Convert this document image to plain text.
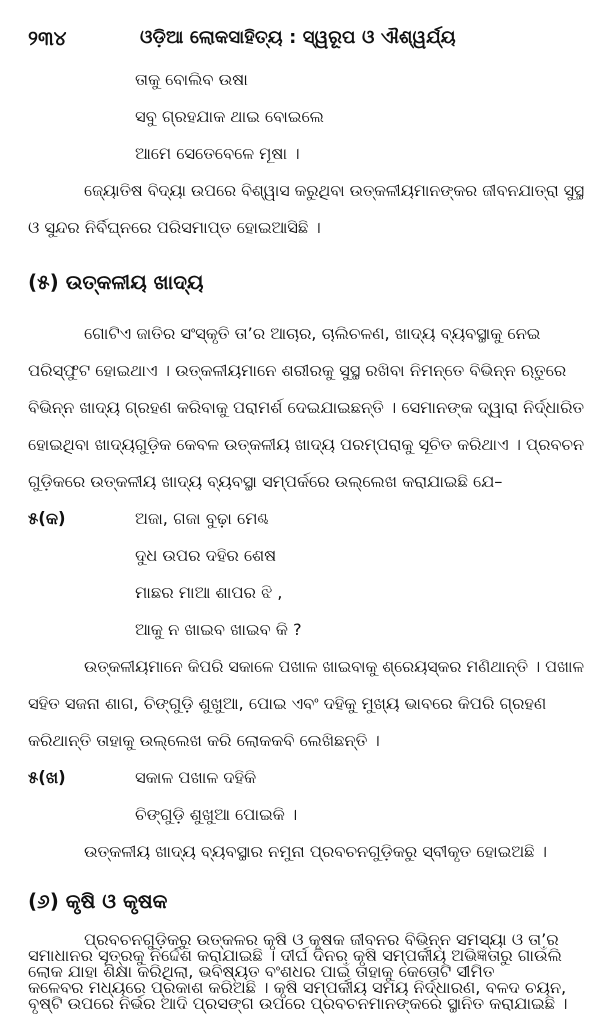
୨୩୪	ଓଡ଼ିଆ ଲୋକସାହିତ୍ୟ : ସ୍ୱରୂପ ଓ ଐଶ୍ୱର୍ଯ୍ୟ
ତାକୁ ବୋଲିବ ଉଷା
ସବୁ ଗ୍ରହଯାକ ଥାଇ ବୋଇଲେ
ଆମେ ସେତେବେଳେ ମୂଷା ।
ଜ୍ୟୋତିଷ ବିଦ୍ୟା ଉପରେ ବିଶ୍ୱାସ କରୁଥିବା ଉତ୍କଳୀୟମାନଙ୍କର ଜୀବନଯାତ୍ରା ସୁସ୍ଥ
ଓ ସୁନ୍ଦର ନିର୍ବିଘ୍ନରେ ପରିସମାପ୍ତ ହୋଇଆସିଛି ।
(୫) ଉତ୍କଳୀୟ ଖାଦ୍ୟ
ଗୋଟିଏ ଜାତିର ସଂସ୍କୃତି ତା’ର ଆଚାର, ଚାଲିଚଳଣ, ଖାଦ୍ୟ ବ୍ୟବସ୍ଥାକୁ ନେଇ
ପରିସ୍ଫୁଟ ହୋଇଥାଏ । ଉତ୍କଳୀୟମାନେ ଶରୀରକୁ ସୁସ୍ଥ ରଖିବା ନିମନ୍ତେ ବିଭିନ୍ନ ଋତୁରେ
ବିଭିନ୍ନ ଖାଦ୍ୟ ଗ୍ରହଣ କରିବାକୁ ପରାମର୍ଶ ଦେଇଯାଇଛନ୍ତି । ସେମାନଙ୍କ ଦ୍ୱାରା ନିର୍ଦ୍ଧାରିତ
ହୋଇଥିବା ଖାଦ୍ୟଗୁଡ଼ିକ କେବଳ ଉତ୍କଳୀୟ ଖାଦ୍ୟ ପରମ୍ପରାକୁ ସୂଚିତ କରିଥାଏ । ପ୍ରବଚନ
ଗୁଡ଼ିକରେ ଉତ୍କଳୀୟ ଖାଦ୍ୟ ବ୍ୟବସ୍ଥା ସମ୍ପର୍କରେ ଉଲ୍ଲେଖ କରାଯାଇଛି ଯେ–
୫(କ)	ଅଜା, ଗଜା ବୁଢ଼ା ମେଣ୍ଢ
ଦୁଧ ଉପର ଦହିର ଶେଷ
ମାଛର ମାଆ ଶାପର ଝି ,
ଆକୁ ନ ଖାଇବ ଖାଇବ କି ?
ଉତ୍କଳୀୟମାନେ କିପରି ସକାଳେ ପଖାଳ ଖାଇବାକୁ ଶ୍ରେୟସ୍କର ମଣିଥାନ୍ତି । ପଖାଳ
ସହିତ ସଜନା ଶାଗ, ଚିଙ୍ଗୁଡ଼ି ଶୁଖୁଆ, ପୋଇ ଏବଂ ଦହିକୁ ମୁଖ୍ୟ ଭାବରେ କିପରି ଗ୍ରହଣ
କରିଥାନ୍ତି ତାହାକୁ ଉଲ୍ଲେଖ କରି ଲୋକକବି ଲେଖିଛନ୍ତି ।
୫(ଖ)	ସକାଳ ପଖାଳ ଦହିକି
ଚିଙ୍ଗୁଡ଼ି ଶୁଖୁଆ ପୋଇକି ।
ଉତ୍କଳୀୟ ଖାଦ୍ୟ ବ୍ୟବସ୍ଥାର ନମୁନା ପ୍ରବଚନଗୁଡ଼ିକରୁ ସ୍ବୀକୃତ ହୋଇଅଛି ।
(୬) କୃଷି ଓ କୃଷକ
ପ୍ରବଚନଗୁଡ଼ିକରୁ ଉତ୍କଳର କୃଷି ଓ କୃଷକ ଜୀବନର ବିଭିନ୍ନ ସମସ୍ୟା ଓ ତା’ର
ସମାଧାନର ସୂତ୍ରକୁ ନିର୍ଦ୍ଦେଶ କରାଯାଇଛି । ଦୀର୍ଘ ଦିନର କୃଷି ସମ୍ପର୍କୀୟ ଅଭିଜ୍ଞତାରୁ ଗାଉଁଲି
ଲୋକ ଯାହା ଶିକ୍ଷା କରିଥିଲା, ଭବିଷ୍ୟତ ବଂଶଧର ପାଇଁ ତାହାକୁ କେତୋଟି ସୀମିତ
କଳେବର ମଧ୍ୟରେ ପ୍ରକାଶ କରିଅଛି । କୃଷି ସମ୍ପର୍କୀୟ ସମୟ ନିର୍ଦ୍ଧାରଣ, ବଳଦ ଚୟନ,
ବୃଷ୍ଟି ଉପରେ ନିର୍ଭର ଆଦି ପ୍ରସଙ୍ଗ ଉପରେ ପ୍ରବଚନମାନଙ୍କରେ ସ୍ଥାନିତ କରାଯାଇଛି ।
